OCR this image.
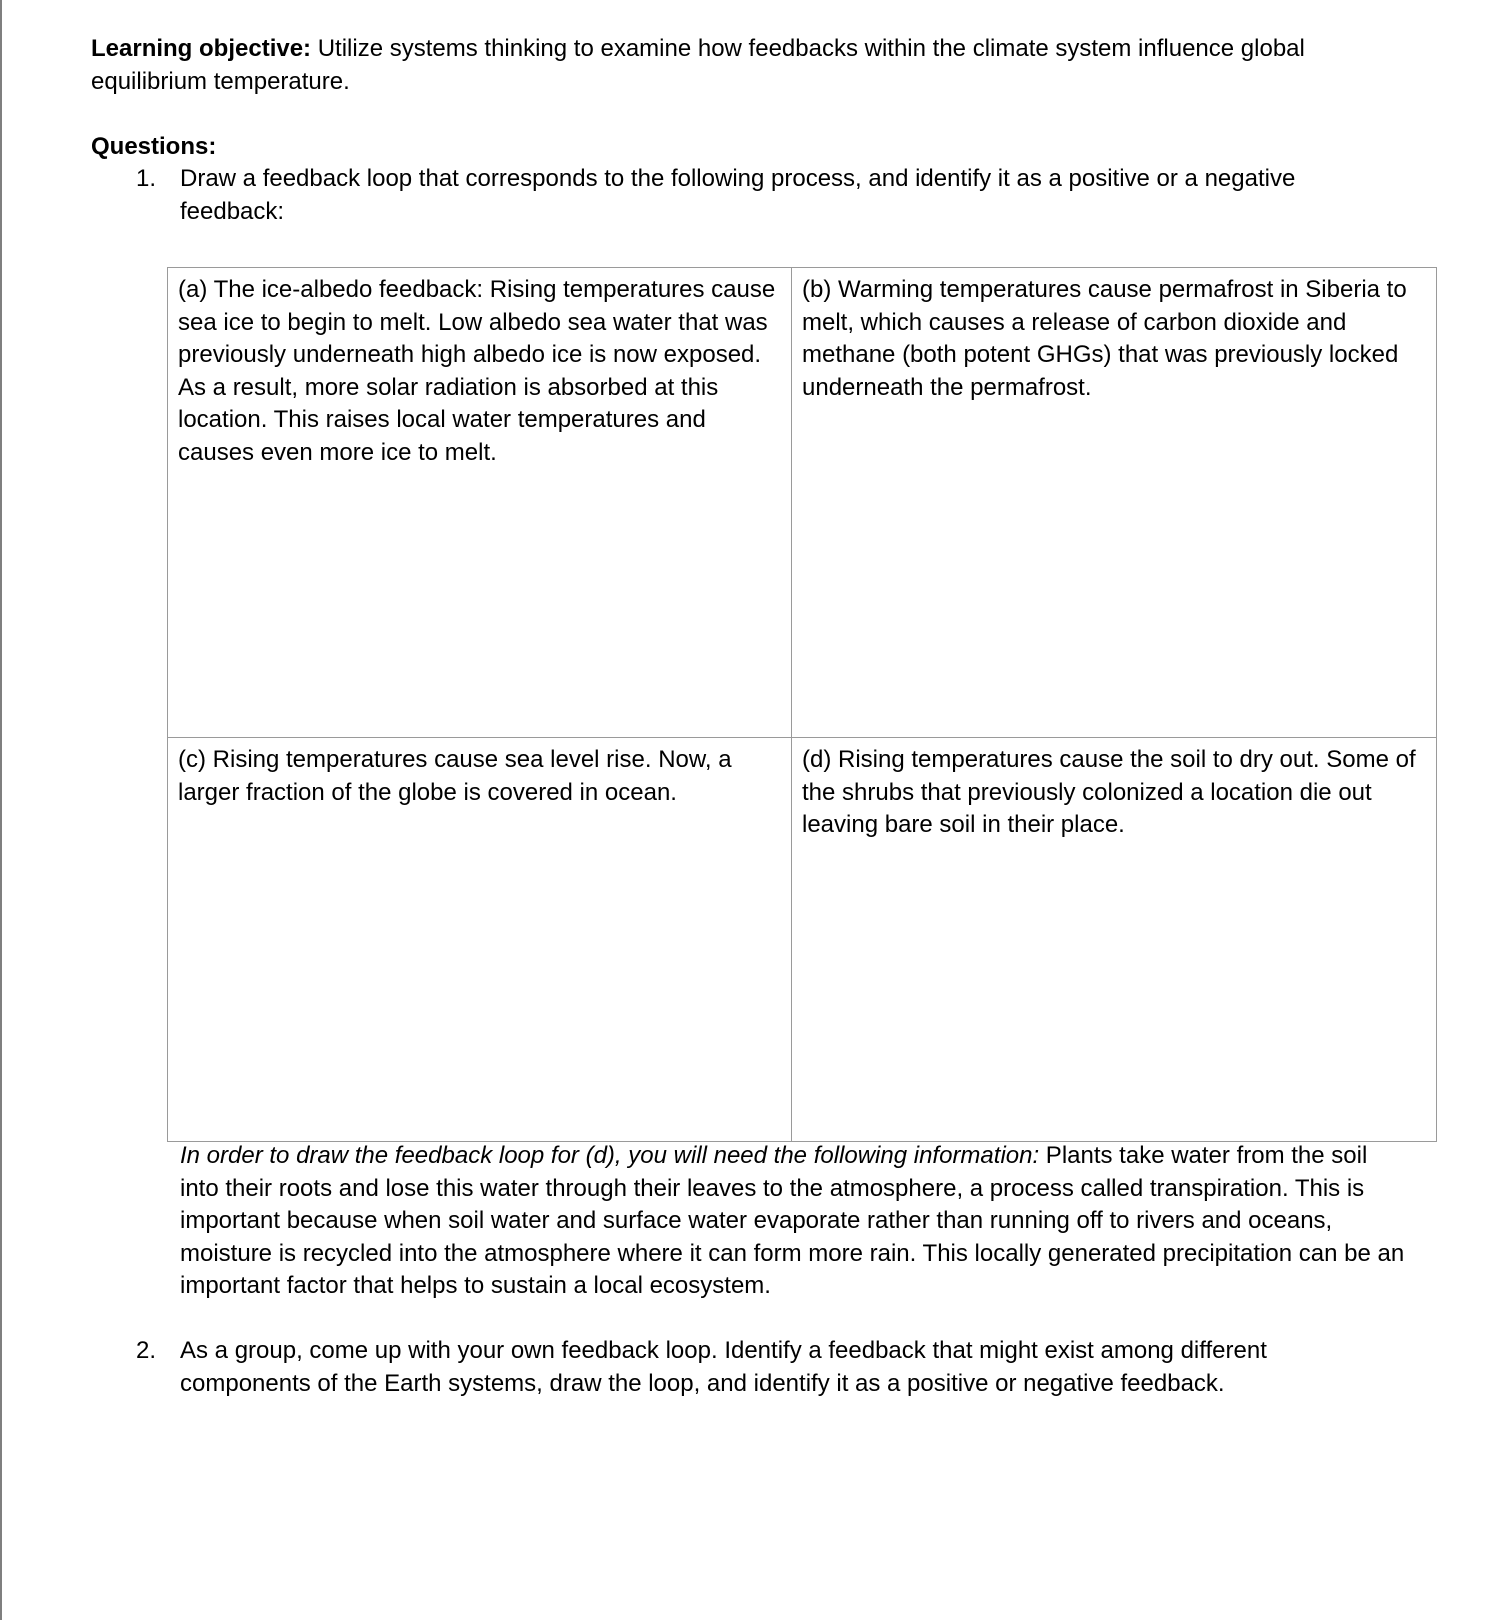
Learning objective: Utilize systems thinking to examine how feedbacks within the climate system influence global equilibrium temperature.
Questions:
1. Draw a feedback loop that corresponds to the following process, and identify it as a positive or a negative feedback:
(a) The ice-albedo feedback: Rising temperatures cause sea ice to begin to melt. Low albedo sea water that was previously underneath high albedo ice is now exposed. As a result, more solar radiation is absorbed at this location. This raises local water temperatures and causes even more ice to melt.
(b) Warming temperatures cause permafrost in Siberia to melt, which causes a release of carbon dioxide and methane (both potent GHGs) that was previously locked underneath the permafrost.
(c) Rising temperatures cause sea level rise. Now, a larger fraction of the globe is covered in ocean.
(d) Rising temperatures cause the soil to dry out. Some of the shrubs that previously colonized a location die out leaving bare soil in their place.
In order to draw the feedback loop for (d), you will need the following information: Plants take water from the soil into their roots and lose this water through their leaves to the atmosphere, a process called transpiration. This is important because when soil water and surface water evaporate rather than running off to rivers and oceans, moisture is recycled into the atmosphere where it can form more rain. This locally generated precipitation can be an important factor that helps to sustain a local ecosystem.
2. As a group, come up with your own feedback loop. Identify a feedback that might exist among different components of the Earth systems, draw the loop, and identify it as a positive or negative feedback.
